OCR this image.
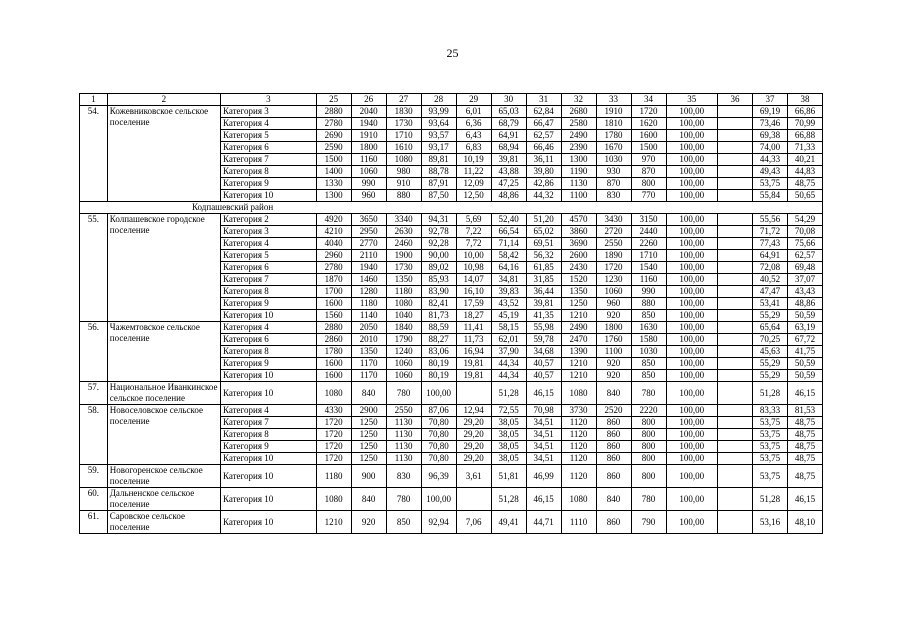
25
1	2	3	25	26	27	28	29	30	31	32	33	34	35	36	37	38
54.	Кожевниковское сельское поселение	Категория 3	2880	2040	1830	93,99	6,01	65,03	62,84	2680	1910	1720	100,00		69,19	66,86
		Категория 4	2780	1940	1730	93,64	6,36	68,79	66,47	2580	1810	1620	100,00		73,46	70,99
		Категория 5	2690	1910	1710	93,57	6,43	64,91	62,57	2490	1780	1600	100,00		69,38	66,88
		Категория 6	2590	1800	1610	93,17	6,83	68,94	66,46	2390	1670	1500	100,00		74,00	71,33
		Категория 7	1500	1160	1080	89,81	10,19	39,81	36,11	1300	1030	970	100,00		44,33	40,21
		Категория 8	1400	1060	980	88,78	11,22	43,88	39,80	1190	930	870	100,00		49,43	44,83
		Категория 9	1330	990	910	87,91	12,09	47,25	42,86	1130	870	800	100,00		53,75	48,75
		Категория 10	1300	960	880	87,50	12,50	48,86	44,32	1100	830	770	100,00		55,84	50,65
Кодпашевский район																
55.	Колпашевское городское поселение	Категория 2	4920	3650	3340	94,31	5,69	52,40	51,20	4570	3430	3150	100,00		55,56	54,29
		Категория 3	4210	2950	2630	92,78	7,22	66,54	65,02	3860	2720	2440	100,00		71,72	70,08
		Категория 4	4040	2770	2460	92,28	7,72	71,14	69,51	3690	2550	2260	100,00		77,43	75,66
		Категория 5	2960	2110	1900	90,00	10,00	58,42	56,32	2600	1890	1710	100,00		64,91	62,57
		Категория 6	2780	1940	1730	89,02	10,98	64,16	61,85	2430	1720	1540	100,00		72,08	69,48
		Категория 7	1870	1460	1350	85,93	14,07	34,81	31,85	1520	1230	1160	100,00		40,52	37,07
		Категория 8	1700	1280	1180	83,90	16,10	39,83	36,44	1350	1060	990	100,00		47,47	43,43
		Категория 9	1600	1180	1080	82,41	17,59	43,52	39,81	1250	960	880	100,00		53,41	48,86
		Категория 10	1560	1140	1040	81,73	18,27	45,19	41,35	1210	920	850	100,00		55,29	50,59
56.	Чажемтовское сельское поселение	Категория 4	2880	2050	1840	88,59	11,41	58,15	55,98	2490	1800	1630	100,00		65,64	63,19
		Категория 6	2860	2010	1790	88,27	11,73	62,01	59,78	2470	1760	1580	100,00		70,25	67,72
		Категория 8	1780	1350	1240	83,06	16,94	37,90	34,68	1390	1100	1030	100,00		45,63	41,75
		Категория 9	1600	1170	1060	80,19	19,81	44,34	40,57	1210	920	850	100,00		55,29	50,59
		Категория 10	1600	1170	1060	80,19	19,81	44,34	40,57	1210	920	850	100,00		55,29	50,59
57.	Национальное Иванкинское сельское поселение	Категория 10	1080	840	780	100,00		51,28	46,15	1080	840	780	100,00		51,28	46,15
58.	Новоселовское сельское поселение	Категория 4	4330	2900	2550	87,06	12,94	72,55	70,98	3730	2520	2220	100,00		83,33	81,53
		Категория 7	1720	1250	1130	70,80	29,20	38,05	34,51	1120	860	800	100,00		53,75	48,75
		Категория 8	1720	1250	1130	70,80	29,20	38,05	34,51	1120	860	800	100,00		53,75	48,75
		Категория 9	1720	1250	1130	70,80	29,20	38,05	34,51	1120	860	800	100,00		53,75	48,75
		Категория 10	1720	1250	1130	70,80	29,20	38,05	34,51	1120	860	800	100,00		53,75	48,75
59.	Новогоренское сельское поселение	Категория 10	1180	900	830	96,39	3,61	51,81	46,99	1120	860	800	100,00		53,75	48,75
60.	Дальненское сельское поселение	Категория 10	1080	840	780	100,00		51,28	46,15	1080	840	780	100,00		51,28	46,15
61.	Саровское сельское поселение	Категория 10	1210	920	850	92,94	7,06	49,41	44,71	1110	860	790	100,00		53,16	48,10
